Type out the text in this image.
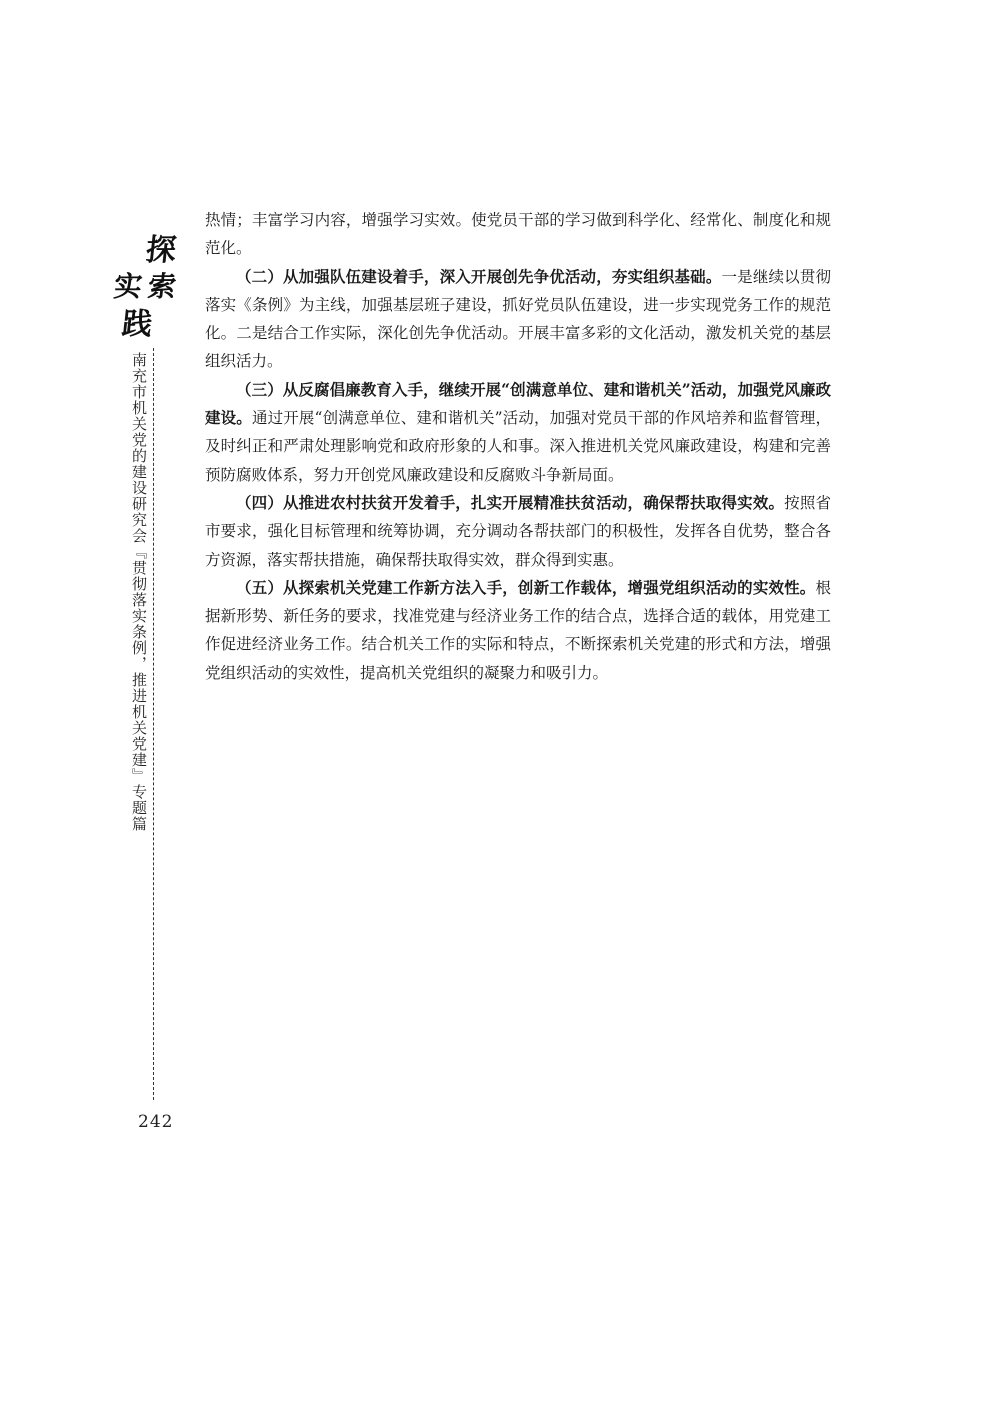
探
实 索
践
南充市机关党的建设研究会『贯彻落实条例，推进机关党建』专题篇
242

热情；丰富学习内容，增强学习实效。使党员干部的学习做到科学化、经常化、制度化和规范化。

（二）从加强队伍建设着手，深入开展创先争优活动，夯实组织基础。一是继续以贯彻落实《条例》为主线，加强基层班子建设，抓好党员队伍建设，进一步实现党务工作的规范化。二是结合工作实际，深化创先争优活动。开展丰富多彩的文化活动，激发机关党的基层组织活力。

（三）从反腐倡廉教育入手，继续开展“创满意单位、建和谐机关”活动，加强党风廉政建设。通过开展“创满意单位、建和谐机关”活动，加强对党员干部的作风培养和监督管理，及时纠正和严肃处理影响党和政府形象的人和事。深入推进机关党风廉政建设，构建和完善预防腐败体系，努力开创党风廉政建设和反腐败斗争新局面。

（四）从推进农村扶贫开发着手，扎实开展精准扶贫活动，确保帮扶取得实效。按照省市要求，强化目标管理和统筹协调，充分调动各帮扶部门的积极性，发挥各自优势，整合各方资源，落实帮扶措施，确保帮扶取得实效，群众得到实惠。

（五）从探索机关党建工作新方法入手，创新工作载体，增强党组织活动的实效性。根据新形势、新任务的要求，找准党建与经济业务工作的结合点，选择合适的载体，用党建工作促进经济业务工作。结合机关工作的实际和特点，不断探索机关党建的形式和方法，增强党组织活动的实效性，提高机关党组织的凝聚力和吸引力。
